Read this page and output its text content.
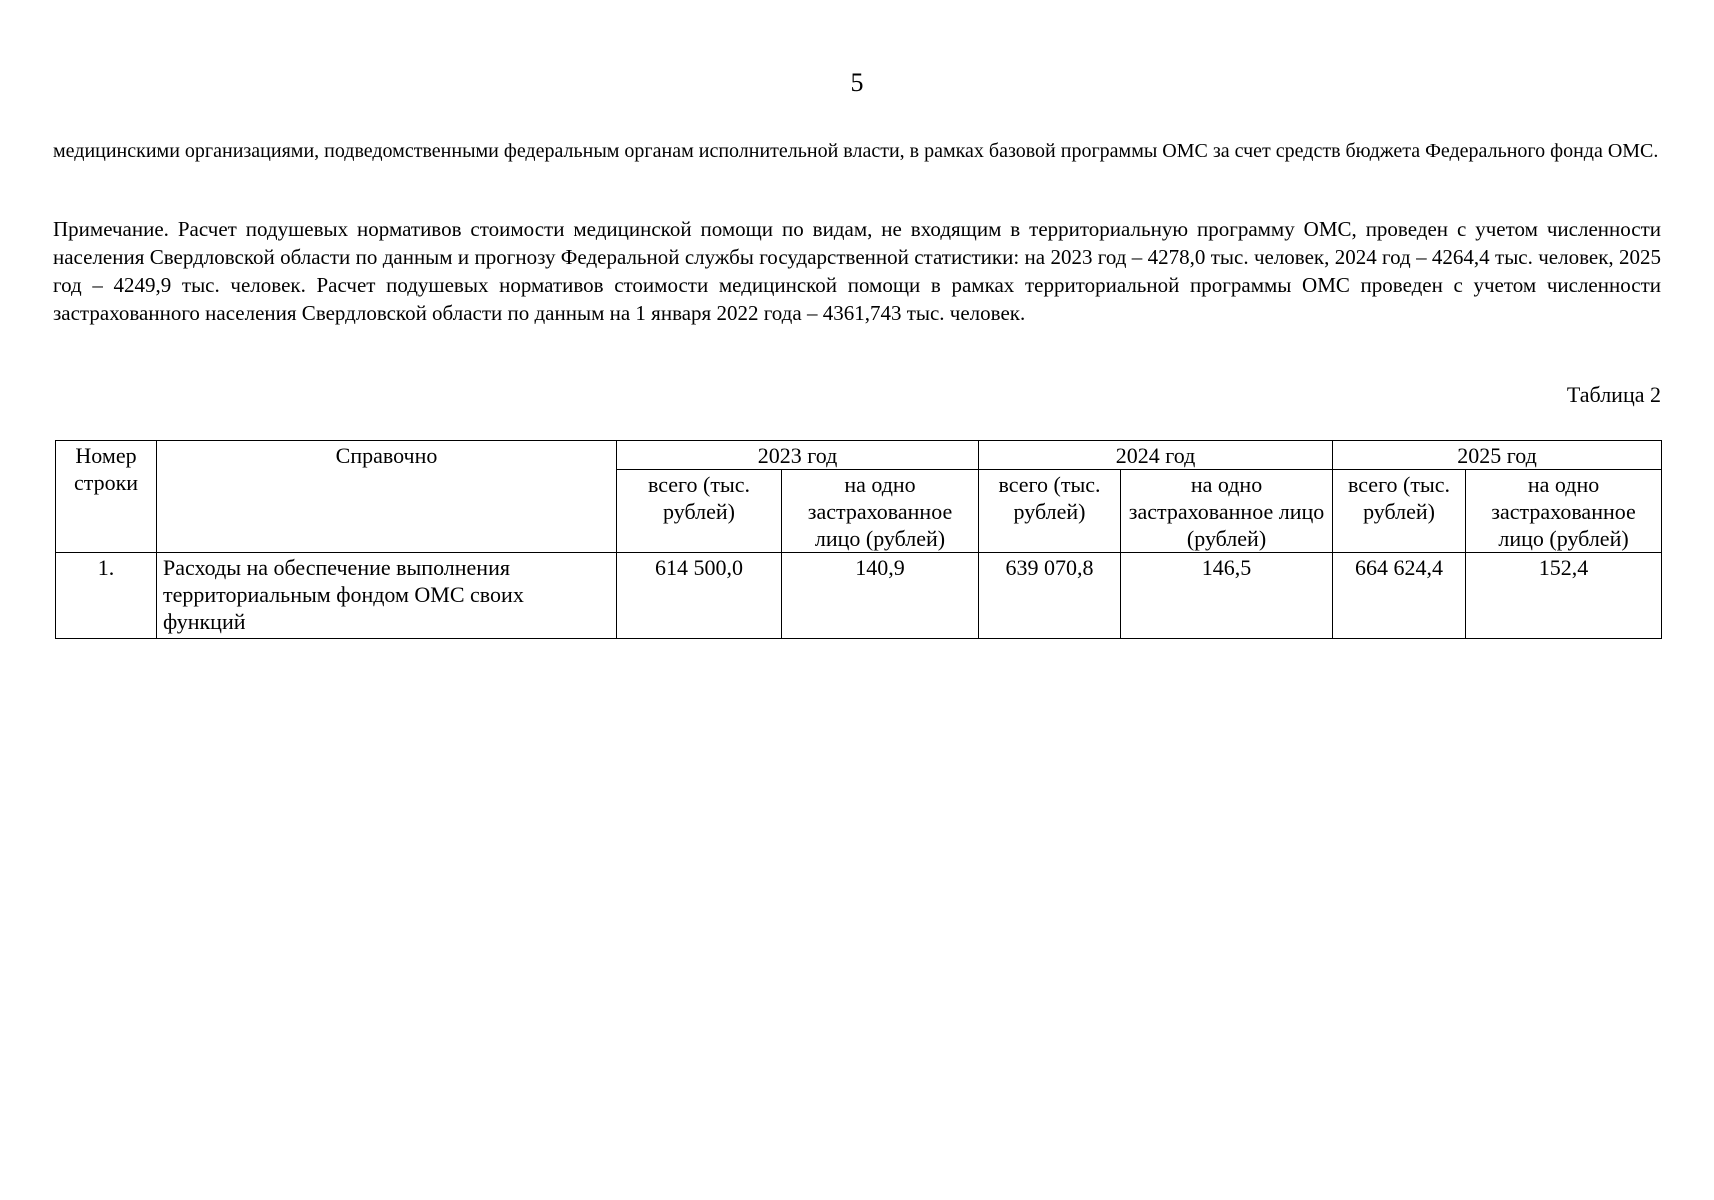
5

медицинскими организациями, подведомственными федеральным органам исполнительной власти, в рамках базовой программы ОМС за счет средств бюджета Федерального фонда ОМС.

Примечание. Расчет подушевых нормативов стоимости медицинской помощи по видам, не входящим в территориальную программу ОМС, проведен с учетом численности населения Свердловской области по данным и прогнозу Федеральной службы государственной статистики: на 2023 год – 4278,0 тыс. человек, 2024 год – 4264,4 тыс. человек, 2025 год – 4249,9 тыс. человек. Расчет подушевых нормативов стоимости медицинской помощи в рамках территориальной программы ОМС проведен с учетом численности застрахованного населения Свердловской области по данным на 1 января 2022 года – 4361,743 тыс. человек.

Таблица 2
Номер строки	Справочно	2023 год		2024 год		2025 год	
		всего (тыс. рублей)	на одно застрахованное лицо (рублей)	всего (тыс. рублей)	на одно застрахованное лицо (рублей)	всего (тыс. рублей)	на одно застрахованное лицо (рублей)
1.	Расходы на обеспечение выполнения территориальным фондом ОМС своих функций	614 500,0	140,9	639 070,8	146,5	664 624,4	152,4
